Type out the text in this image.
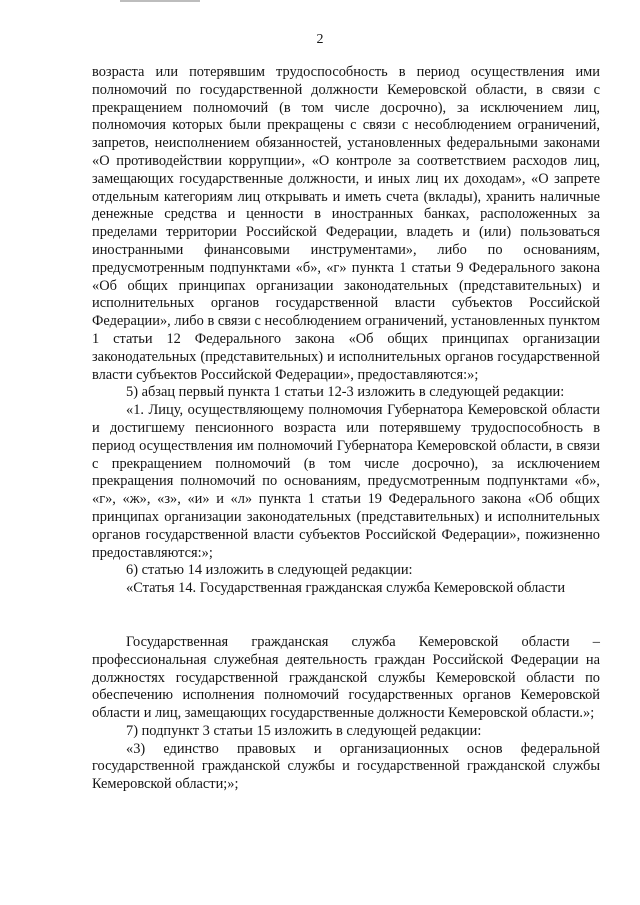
2

возраста или потерявшим трудоспособность в период осуществления ими полномочий по государственной должности Кемеровской области, в связи с прекращением полномочий (в том числе досрочно), за исключением лиц, полномочия которых были прекращены с связи с несоблюдением ограничений, запретов, неисполнением обязанностей, установленных федеральными законами «О противодействии коррупции», «О контроле за соответствием расходов лиц, замещающих государственные должности, и иных лиц их доходам», «О запрете отдельным категориям лиц открывать и иметь счета (вклады), хранить наличные денежные средства и ценности в иностранных банках, расположенных за пределами территории Российской Федерации, владеть и (или) пользоваться иностранными финансовыми инструментами», либо по основаниям, предусмотренным подпунктами «б», «г» пункта 1 статьи 9 Федерального закона «Об общих принципах организации законодательных (представительных) и исполнительных органов государственной власти субъектов Российской Федерации», либо в связи с несоблюдением ограничений, установленных пунктом 1 статьи 12 Федерального закона «Об общих принципах организации законодательных (представительных) и исполнительных органов государственной власти субъектов Российской Федерации», предоставляются:»;

5) абзац первый пункта 1 статьи 12-3 изложить в следующей редакции:

«1. Лицу, осуществляющему полномочия Губернатора Кемеровской области и достигшему пенсионного возраста или потерявшему трудоспособность в период осуществления им полномочий Губернатора Кемеровской области, в связи с прекращением полномочий (в том числе досрочно), за исключением прекращения полномочий по основаниям, предусмотренным подпунктами «б», «г», «ж», «з», «и» и «л» пункта 1 статьи 19 Федерального закона «Об общих принципах организации законодательных (представительных) и исполнительных органов государственной власти субъектов Российской Федерации», пожизненно предоставляются:»;

6) статью 14 изложить в следующей редакции:

«Статья 14. Государственная гражданская служба Кемеровской области

Государственная гражданская служба Кемеровской области – профессиональная служебная деятельность граждан Российской Федерации на должностях государственной гражданской службы Кемеровской области по обеспечению исполнения полномочий государственных органов Кемеровской области и лиц, замещающих государственные должности Кемеровской области.»;

7) подпункт 3 статьи 15 изложить в следующей редакции:

«3) единство правовых и организационных основ федеральной государственной гражданской службы и государственной гражданской службы Кемеровской области;»;
